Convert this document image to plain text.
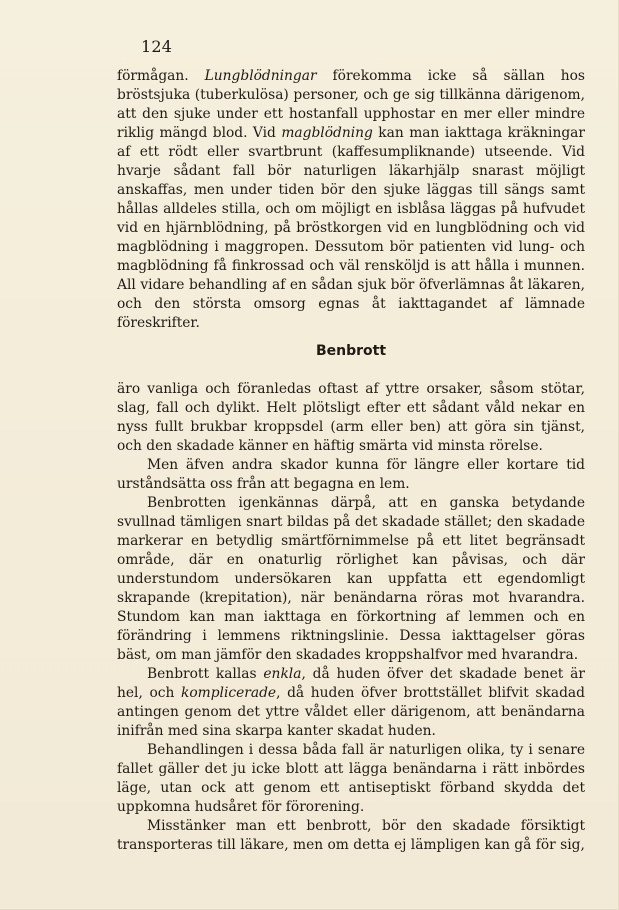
124

förmågan. Lungblödningar förekomma icke så sällan hos bröstsjuka (tuberkulösa) personer, och ge sig tillkänna därigenom, att den sjuke under ett hostanfall upphostar en mer eller mindre riklig mängd blod. Vid magblödning kan man iakttaga kräkningar af ett rödt eller svartbrunt (kaffesumpliknande) utseende. Vid hvarje sådant fall bör naturligen läkarhjälp snarast möjligt anskaffas, men under tiden bör den sjuke läggas till sängs samt hållas alldeles stilla, och om möjligt en isblåsa läggas på hufvudet vid en hjärnblödning, på bröstkorgen vid en lungblödning och vid magblödning i maggropen. Dessutom bör patienten vid lung- och magblödning få finkrossad och väl rensköljd is att hålla i munnen. All vidare behandling af en sådan sjuk bör öfverlämnas åt läkaren, och den största omsorg egnas åt iakttagandet af lämnade föreskrifter.

Benbrott

äro vanliga och föranledas oftast af yttre orsaker, såsom stötar, slag, fall och dylikt. Helt plötsligt efter ett sådant våld nekar en nyss fullt brukbar kroppsdel (arm eller ben) att göra sin tjänst, och den skadade känner en häftig smärta vid minsta rörelse.

Men äfven andra skador kunna för längre eller kortare tid urståndsätta oss från att begagna en lem.

Benbrotten igenkännas därpå, att en ganska betydande svullnad tämligen snart bildas på det skadade stället; den skadade markerar en betydlig smärtförnimmelse på ett litet begränsadt område, där en onaturlig rörlighet kan påvisas, och där understundom undersökaren kan uppfatta ett egendomligt skrapande (krepitation), när benändarna röras mot hvarandra. Stundom kan man iakttaga en förkortning af lemmen och en förändring i lemmens riktningslinie. Dessa iakttagelser göras bäst, om man jämför den skadades kroppshalfvor med hvarandra.

Benbrott kallas enkla, då huden öfver det skadade benet är hel, och komplicerade, då huden öfver brottstället blifvit skadad antingen genom det yttre våldet eller därigenom, att benändarna inifrån med sina skarpa kanter skadat huden.

Behandlingen i dessa båda fall är naturligen olika, ty i senare fallet gäller det ju icke blott att lägga benändarna i rätt inbördes läge, utan ock att genom ett antiseptiskt förband skydda det uppkomna hudsåret för förorening.

Misstänker man ett benbrott, bör den skadade försiktigt transporteras till läkare, men om detta ej lämpligen kan gå för sig,
